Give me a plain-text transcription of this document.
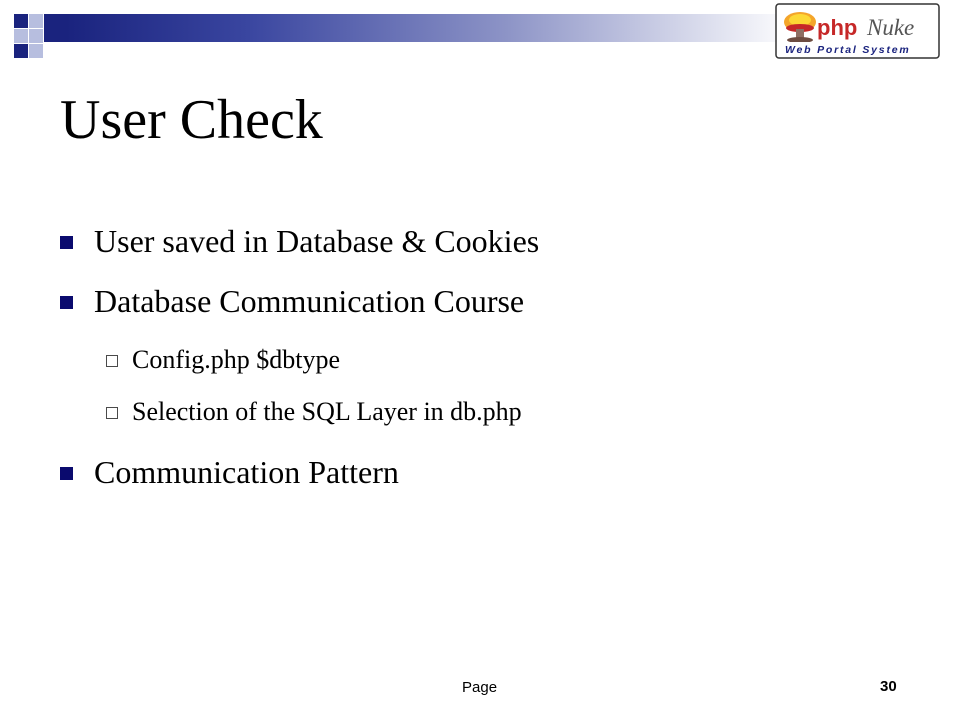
php Nuke
Web Portal System
User Check
User saved in Database & Cookies
Database Communication Course
Config.php $dbtype
Selection of the SQL Layer in db.php
Communication Pattern
Page	30
